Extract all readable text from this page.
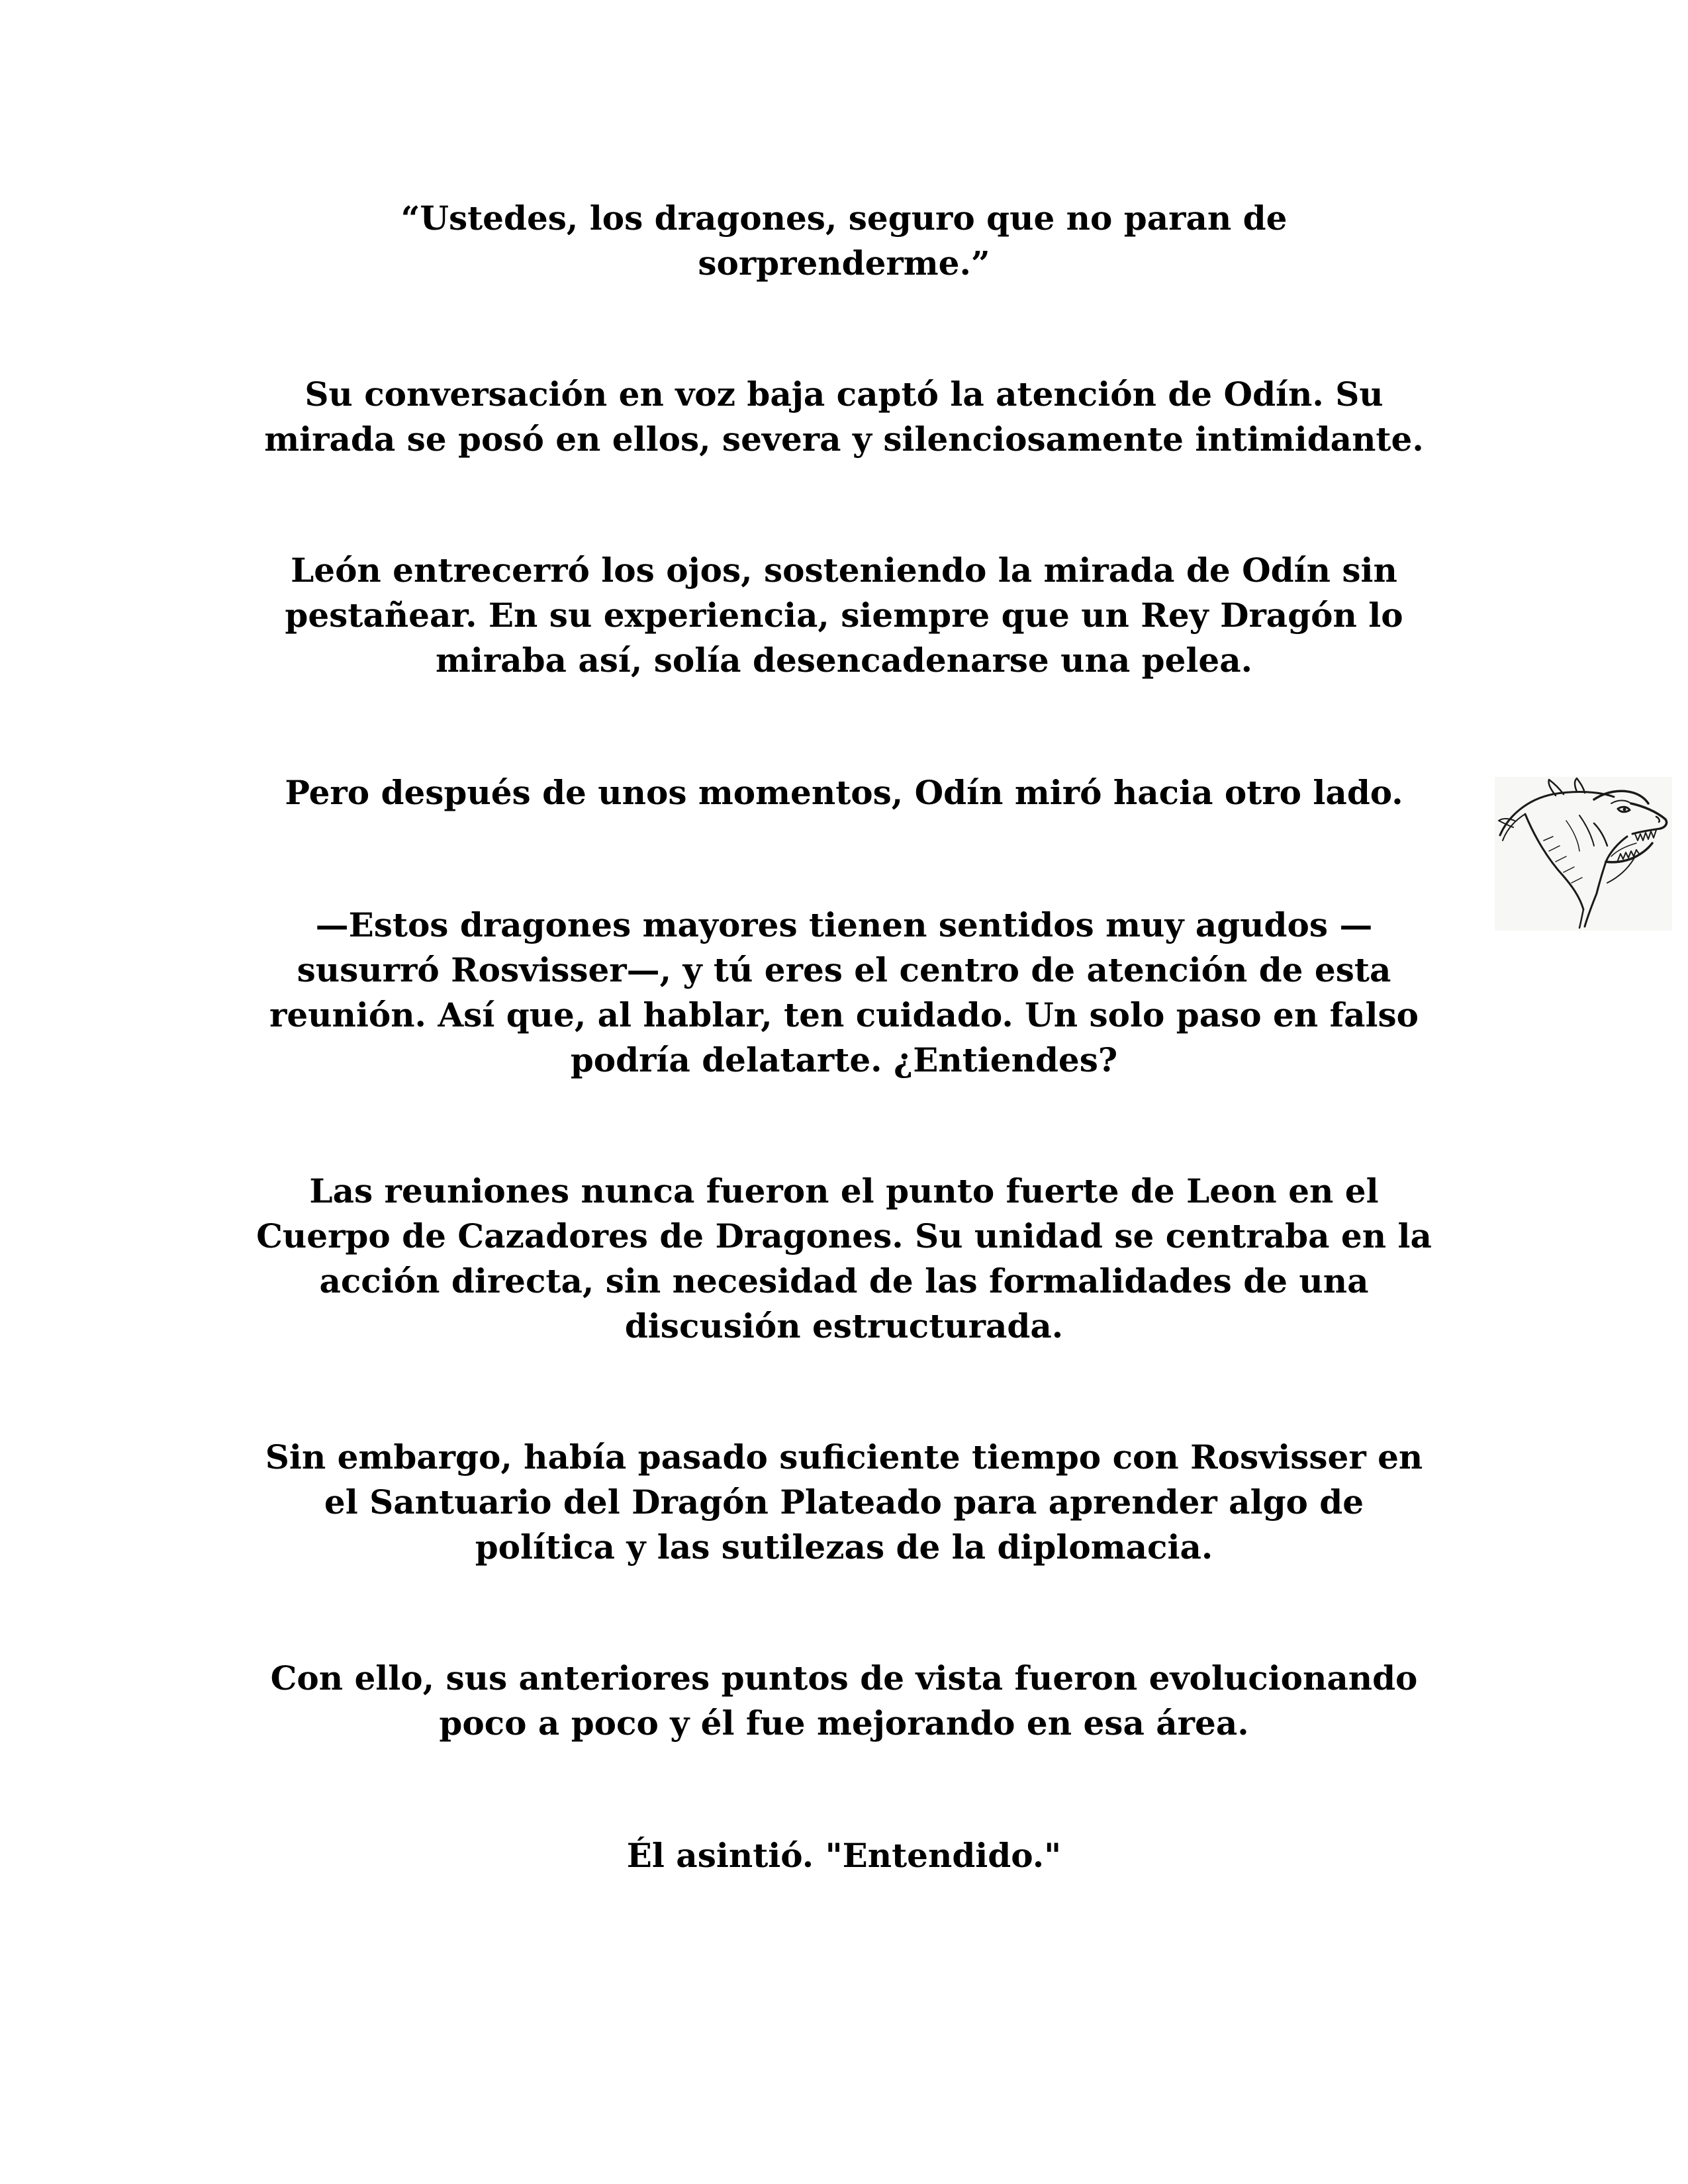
“Ustedes, los dragones, seguro que no paran de
sorprenderme.”

Su conversación en voz baja captó la atención de Odín. Su
mirada se posó en ellos, severa y silenciosamente intimidante.

León entrecerró los ojos, sosteniendo la mirada de Odín sin
pestañear. En su experiencia, siempre que un Rey Dragón lo
miraba así, solía desencadenarse una pelea.

Pero después de unos momentos, Odín miró hacia otro lado.

—Estos dragones mayores tienen sentidos muy agudos —
susurró Rosvisser—, y tú eres el centro de atención de esta
reunión. Así que, al hablar, ten cuidado. Un solo paso en falso
podría delatarte. ¿Entiendes?

Las reuniones nunca fueron el punto fuerte de Leon en el
Cuerpo de Cazadores de Dragones. Su unidad se centraba en la
acción directa, sin necesidad de las formalidades de una
discusión estructurada.

Sin embargo, había pasado suficiente tiempo con Rosvisser en
el Santuario del Dragón Plateado para aprender algo de
política y las sutilezas de la diplomacia.

Con ello, sus anteriores puntos de vista fueron evolucionando
poco a poco y él fue mejorando en esa área.

Él asintió. "Entendido."
